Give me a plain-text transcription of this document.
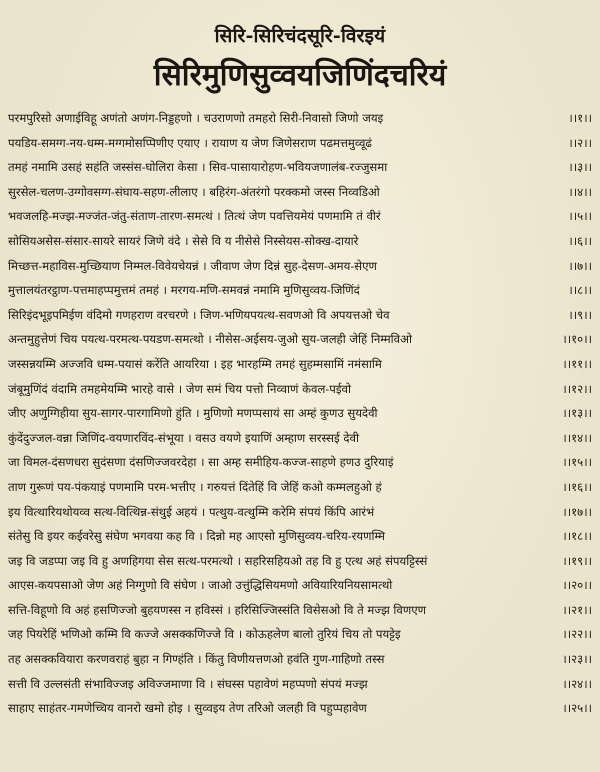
सिरि-सिरिचंदसूरि-विरइयं
सिरिमुणिसुव्वयजिणिंदचरियं
परमपुरिसो अणाईविहू अणंतो अणंग-निड्डहणो । चउराणणो तमहरो सिरी-निवासो जिणो जयइ	।।१।।
पयडिय-समग्ग-नय-धम्म-मग्गमोसप्पिणीए एयाए । रायाण य जेण जिणेसराण पढमत्तमुव्वूढं	।।२।।
तमहं नमामि उसहं सहंति जस्संस-घोलिरा केसा । सिव-पासायारोहण-भवियजणालंब-रज्जुसमा	।।३।।
सुरसेल-चलण-उग्गोवसग्ग-संघाय-सहण-लीलाए । बहिरंग-अंतरंगो परक्कमो जस्स निव्वडिओ	।।४।।
भवजलहि-मज्झ-मज्जंत-जंतु-संताण-तारण-समत्थं । तित्थं जेण पवत्तियमेयं पणमामि तं वीरं	।।५।।
सोसियअसेस-संसार-सायरे सायरं जिणे वंदे । सेसे वि य नीसेसे निस्सेयस-सोक्ख-दायारे	।।६।।
मिच्छत्त-महाविस-मुच्छियाण निम्मल-विवेयचेयन्नं । जीवाण जेण दिन्नं सुह-देसण-अमय-सेएण	।।७।।
मुत्तालयंतरट्ठाण-पत्तमाहप्पमुत्तमं तमहं । मरगय-मणि-समवन्नं नमामि मुणिसुव्वय-जिणिंदं	।।८।।
सिरिइंदभूइपमिईण वंदिमो गणहराण वरचरणे । जिण-भणियपयत्थ-सवणओ वि अपयत्तओ चेव	।।९।।
अन्तमुहुत्तेणं चिय पयत्थ-परमत्थ-पयडण-समत्थो । नीसेस-अईसय-जुओ सुय-जलही जेहिं निम्मविओ	।।१०।।
जस्सन्नयम्मि अज्जवि धम्म-पयासं करेंति आयरिया । इह भारहम्मि तमहं सुहम्मसामिं नमंसामि	।।११।।
जंबूमुणिंदं वंदामि तमहमेयम्मि भारहे वासे । जेण समं चिय पत्तो निव्वाणं केवल-पईवो	।।१२।।
जीए अणुग्गिहीया सुय-सागर-पारगामिणो हुंति । मुणिणो मणप्पसायं सा अम्हं कुणउ सुयदेवी	।।१३।।
कुंदेंदुज्जल-वन्ना जिणिंद-वयणारविंद-संभूया । वसउ वयणे इयाणिं अम्हाण सरस्सई देवी	।।१४।।
जा विमल-दंसणधरा सुदंसणा दंसणिज्जवरदेहा । सा अम्ह समीहिय-कज्ज-साहणे हणउ दुरियाइं	।।१५।।
ताण गुरूणं पय-पंकयाइं पणमामि परम-भत्तीए । गरुयत्तं दिंतेहिं वि जेहिं कओ कम्मलहुओ हं	।।१६।।
इय वित्थारियथोयव्व सत्थ-वित्थिन्न-संथुई अहयं । पत्थुय-वत्थुम्मि करेमि संपयं किंपि आरंभं	।।१७।।
संतेसु वि इयर कईवरेसु संघेण भगवया कह वि । दिन्नो मह आएसो मुणिसुव्वय-चरिय-रयणम्मि	।।१८।।
जइ वि जडप्पा जइ वि हु अणहिगया सेस सत्थ-परमत्थो । सहरिसहियओ तह वि हु एत्थ अहं संपयट्टिस्सं	।।१९।।
आएस-कयपसाओ जेण अहं निग्गुणो वि संघेण । जाओ उत्तुंद्धिसियमणो अवियारियनियसामत्थो	।।२०।।
सत्ति-विहूणो वि अहं हसणिज्जो बुहयणस्स न हविस्सं । हरिसिज्जिस्संति विसेसओ वि ते मज्झ विणएण	।।२१।।
जह पियरेहिं भणिओ कम्मि वि कज्जे असक्कणिज्जे वि । कोऊहलेण बालो तुरियं चिय तो पयट्टेइ	।।२२।।
तह असक्कवियारा करणवराहं बुहा न गिण्हंति । किंतु विणीयत्तणओ हवंति गुण-गाहिणो तस्स	।।२३।।
सत्ती वि उल्लसंती संभाविज्जइ अविज्जमाणा वि । संघस्स पहावेणं महप्पणो संपयं मज्झ	।।२४।।
साहाए साहंतर-गमणेच्चिय वानरो खमो होइ । सुव्वइय तेण तरिओ जलही वि पहुप्पहावेण	।।२५।।
